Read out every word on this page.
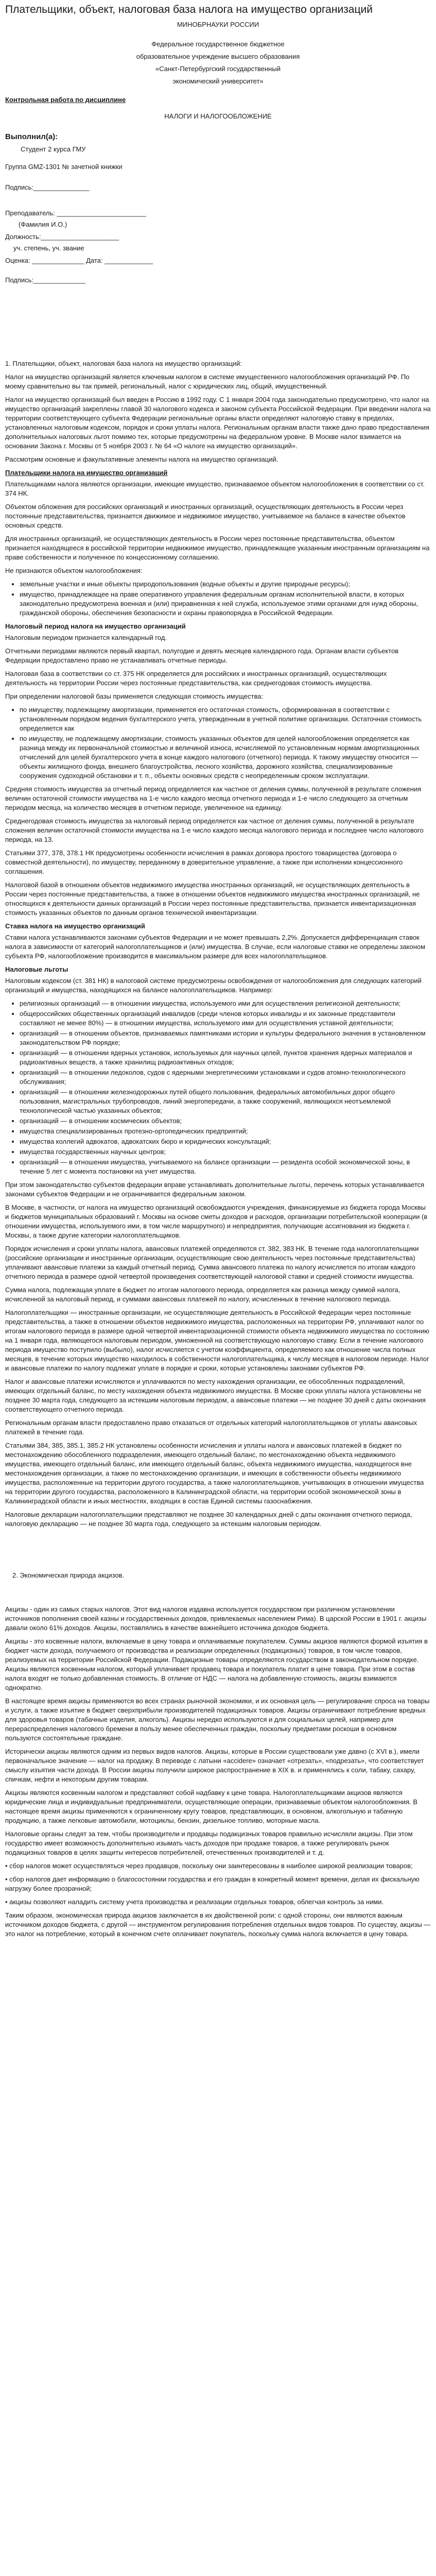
Плательщики, объект, налоговая база налога на имущество организаций

МИНОБРНАУКИ РОССИИ

Федеральное государственное бюджетное

образовательное учреждение высшего образования

«Санкт-Петербургский государственный

экономический университет»

Контрольная работа по дисциплине

НАЛОГИ И НАЛОГООБЛОЖЕНИЕ

Выполнил(а):

Студент 2 курса ГМУ

Группа GMZ-1301 № зачетной книжки

Подпись:_______________

Преподаватель: ________________________

(Фамилия И.О.)

Должность:_____________________

уч. степень, уч. звание

Оценка: ______________ Дата: _____________

Подпись:______________

1. Плательщики, объект, налоговая база налога на имущество организаций:

Налог на имущество организаций является ключевым налогом в системе имущественного налогообложения организаций РФ. По моему сравнительно вы так примей, региональный, налог с юридических лиц, общий, имущественный.

Налог на имущество организаций был введен в Россию в 1992 году. С 1 января 2004 года законодательно предусмотрено, что налог на имущество организаций закреплены главой 30 налогового кодекса и законом субъекта Российской Федерации. При введении налога на территории соответствующего субъекта Федерации региональные органы власти определяют налоговую ставку в пределах, установленных налоговым кодексом, порядок и сроки уплаты налога. Региональным органам власти также дано право предоставления дополнительных налоговых льгот помимо тех, которые предусмотрены на федеральном уровне. В Москве налог взимается на основании Закона г. Москвы от 5 ноября 2003 г. № 64 «О налоге на имущество организаций».

Рассмотрим основные и факультативные элементы налога на имущество организаций.

Плательщики налога на имущество организаций

Плательщиками налога являются организации, имеющие имущество, признаваемое объектом налогообложения в соответствии со ст. 374 НК.

Объектом обложения для российских организаций и иностранных организаций, осуществляющих деятельность в России через постоянные представительства, признается движимое и недвижимое имущество, учитываемое на балансе в качестве объектов основных средств.

Для иностранных организаций, не осуществляющих деятельность в России через постоянные представительства, объектом признается находящееся в российской территории недвижимое имущество, принадлежащее указанным иностранным организациям на праве собственности и полученное по концессионному соглашению.

Не признаются объектом налогообложения:

• земельные участки и иные объекты природопользования (водные объекты и другие природные ресурсы);
• имущество, принадлежащее на праве оперативного управления федеральным органам исполнительной власти, в которых законодательно предусмотрена военная и (или) приравненная к ней служба, используемое этими органами для нужд обороны, гражданской обороны, обеспечения безопасности и охраны правопорядка в Российской Федерации.

Налоговый период налога на имущество организаций

Налоговым периодом признается календарный год.

Отчетными периодами являются первый квартал, полугодие и девять месяцев календарного года. Органам власти субъектов Федерации предоставлено право не устанавливать отчетные периоды.

Налоговая база в соответствии со ст. 375 НК определяется для российских и иностранных организаций, осуществляющих деятельность на территории России через постоянные представительства, как среднегодовая стоимость имущества.

При определении налоговой базы применяется следующая стоимость имущества:

• по имуществу, подлежащему амортизации, применяется его остаточная стоимость, сформированная в соответствии с установленным порядком ведения бухгалтерского учета, утвержденным в учетной политике организации. Остаточная стоимость определяется как
• по имуществу, не подлежащему амортизации, стоимость указанных объектов для целей налогообложения определяется как разница между их первоначальной стоимостью и величиной износа, исчисляемой по установленным нормам амортизационных отчислений для целей бухгалтерского учета в конце каждого налогового (отчетного) периода. К такому имуществу относится — объекты жилищного фонда, внешнего благоустройства, лесного хозяйства, дорожного хозяйства, специализированные сооружения судоходной обстановки и т. п., объекты основных средств с неопределенным сроком эксплуатации.

Средняя стоимость имущества за отчетный период определяется как частное от деления суммы, полученной в результате сложения величин остаточной стоимости имущества на 1-е число каждого месяца отчетного периода и 1-е число следующего за отчетным периодом месяца, на количество месяцев в отчетном периоде, увеличенное на единицу.

Среднегодовая стоимость имущества за налоговый период определяется как частное от деления суммы, полученной в результате сложения величин остаточной стоимости имущества на 1-е число каждого месяца налогового периода и последнее число налогового периода, на 13.

Статьями 377, 378, 378.1 НК предусмотрены особенности исчисления в рамках договора простого товарищества (договора о совместной деятельности), по имуществу, переданному в доверительное управление, а также при исполнении концессионного соглашения.

Налоговой базой в отношении объектов недвижимого имущества иностранных организаций, не осуществляющих деятельность в России через постоянные представительства, а также в отношении объектов недвижимого имущества иностранных организаций, не относящихся к деятельности данных организаций в России через постоянные представительства, признается инвентаризационная стоимость указанных объектов по данным органов технической инвентаризации.

Ставка налога на имущество организаций

Ставки налога устанавливаются законами субъектов Федерации и не может превышать 2,2%. Допускается дифференциация ставок налога в зависимости от категорий налогоплательщиков и (или) имущества. В случае, если налоговые ставки не определены законом субъекта РФ, налогообложение производится в максимальном размере для всех налогоплательщиков.

Налоговые льготы

Налоговым кодексом (ст. 381 НК) в налоговой системе предусмотрены освобождения от налогообложения для следующих категорий организаций и имущества, находящихся на балансе налогоплательщиков. Например:

• религиозных организаций — в отношении имущества, используемого ими для осуществления религиозной деятельности;
• общероссийских общественных организаций инвалидов (среди членов которых инвалиды и их законные представители составляют не менее 80%) — в отношении имущества, используемого ими для осуществления уставной деятельности;
• организаций — в отношении объектов, признаваемых памятниками истории и культуры федерального значения в установленном законодательством РФ порядке;
• организаций — в отношении ядерных установок, используемых для научных целей, пунктов хранения ядерных материалов и радиоактивных веществ, а также хранилищ радиоактивных отходов;
• организаций — в отношении ледоколов, судов с ядерными энергетическими установками и судов атомно-технологического обслуживания;
• организаций — в отношении железнодорожных путей общего пользования, федеральных автомобильных дорог общего пользования, магистральных трубопроводов, линий энергопередачи, а также сооружений, являющихся неотъемлемой технологической частью указанных объектов;
• организаций — в отношении космических объектов;
• имущества специализированных протезно-ортопедических предприятий;
• имущества коллегий адвокатов, адвокатских бюро и юридических консультаций;
• имущества государственных научных центров;
• организаций — в отношении имущества, учитываемого на балансе организации — резидента особой экономической зоны, в течение 5 лет с момента постановки на учет имущества.

При этом законодательство субъектов федерации вправе устанавливать дополнительные льготы, перечень которых устанавливается законами субъектов Федерации и не ограничивается федеральным законом.

В Москве, в частности, от налога на имущество организаций освобождаются учреждения, финансируемые из бюджета города Москвы и бюджетов муниципальных образований г. Москвы на основе сметы доходов и расходов, организации потребительской кооперации (в отношении имущества, используемого ими, в том числе маршрутного) и непредприятия, получающие ассигнования из бюджета г. Москвы, а также другие категории налогоплательщиков.

Порядок исчисления и сроки уплаты налога, авансовых платежей определяются ст. 382, 383 НК. В течение года налогоплательщики (российские организации и иностранные организации, осуществляющие свою деятельность через постоянные представительства) уплачивают авансовые платежи за каждый отчетный период. Сумма авансового платежа по налогу исчисляется по итогам каждого отчетного периода в размере одной четвертой произведения соответствующей налоговой ставки и средней стоимости имущества.

Сумма налога, подлежащая уплате в бюджет по итогам налогового периода, определяется как разница между суммой налога, исчисленной за налоговый период, и суммами авансовых платежей по налогу, исчисленных в течение налогового периода.

Налогоплательщики — иностранные организации, не осуществляющие деятельность в Российской Федерации через постоянные представительства, а также в отношении объектов недвижимого имущества, расположенных на территории РФ, уплачивают налог по итогам налогового периода в размере одной четвертой инвентаризационной стоимости объекта недвижимого имущества по состоянию на 1 января года, являющегося налоговым периодом, умноженной на соответствующую налоговую ставку. Если в течение налогового периода имущество поступило (выбыло), налог исчисляется с учетом коэффициента, определяемого как отношение числа полных месяцев, в течение которых имущество находилось в собственности налогоплательщика, к числу месяцев в налоговом периоде. Налог и авансовые платежи по налогу подлежат уплате в порядке и сроки, которые установлены законами субъектов РФ.

Налог и авансовые платежи исчисляются и уплачиваются по месту нахождения организации, ее обособленных подразделений, имеющих отдельный баланс, по месту нахождения объекта недвижимого имущества. В Москве сроки уплаты налога установлены не позднее 30 марта года, следующего за истекшим налоговым периодом, а авансовые платежи — не позднее 30 дней с даты окончания соответствующего отчетного периода.

Региональным органам власти предоставлено право отказаться от отдельных категорий налогоплательщиков от уплаты авансовых платежей в течение года.

Статьями 384, 385, 385.1, 385.2 НК установлены особенности исчисления и уплаты налога и авансовых платежей в бюджет по местонахождению обособленного подразделения, имеющего отдельный баланс, по местонахождению объекта недвижимого имущества, имеющего отдельный баланс, или имеющего отдельный баланс, объекта недвижимого имущества, находящегося вне местонахождения организации, а также по местонахождению организации, и имеющих в собственности объекты недвижимого имущества, расположенные на территории другого государства, а также налогоплательщиков, учитывающих в отношении имущества на территории другого государства, расположенного в Калининградской области, на территории особой экономической зоны в Калининградской области и иных местностях, входящих в состав Единой системы газоснабжения.

Налоговые декларации налогоплательщики представляют не позднее 30 календарных дней с даты окончания отчетного периода, налоговую декларацию — не позднее 30 марта года, следующего за истекшим налоговым периодом.

2. Экономическая природа акцизов.

Акцизы - один из самых старых налогов. Этот вид налогов издавна используется государством при различном установлении источников пополнения своей казны и государственных доходов, привлекаемых населением Рима). В царской России в 1901 г. акцизы давали около 61% доходов. Акцизы, поставлялись в качестве важнейшего источника доходов бюджета.

Акцизы - это косвенные налоги, включаемые в цену товара и оплачиваемые покупателем. Суммы акцизов являются формой изъятия в бюджет части дохода, получаемого от производства и реализации определенных (подакцизных) товаров, в том числе товаров, реализуемых на территории Российской Федерации. Подакцизные товары определяются государством в законодательном порядке. Акцизы являются косвенным налогом, который уплачивает продавец товара и покупатель платит в цене товара. При этом в состав налога входят не только добавленная стоимость. В отличие от НДС — налога на добавленную стоимость, акцизы взимаются однократно.

В настоящее время акцизы применяются во всех странах рыночной экономики, и их основная цель — регулирование спроса на товары и услуги, а также изъятие в бюджет сверхприбыли производителей подакцизных товаров. Акцизы ограничивают потребление вредных для здоровья товаров (табачные изделия, алкоголь). Акцизы нередко используются и для социальных целей, например для перераспределения налогового бремени в пользу менее обеспеченных граждан, поскольку предметами роскоши в основном пользуются состоятельные граждане.

Исторически акцизы являются одним из первых видов налогов. Акцизы, которые в России существовали уже давно (с XVI в.), имели первоначальное значение — налог на продажу. В переводе с латыни «accidere» означает «отрезать», «подрезать», что соответствует смыслу изъятия части дохода. В России акцизы получили широкое распространение в XIX в. и применялись к соли, табаку, сахару, спичкам, нефти и некоторым другим товарам.

Акцизы являются косвенным налогом и представляют собой надбавку к цене товара. Налогоплательщиками акцизов являются юридические лица и индивидуальные предприниматели, осуществляющие операции, признаваемые объектом налогообложения. В настоящее время акцизы применяются к ограниченному кругу товаров, представляющих, в основном, алкогольную и табачную продукцию, а также легковые автомобили, мотоциклы, бензин, дизельное топливо, моторные масла.

Налоговые органы следят за тем, чтобы производители и продавцы подакцизных товаров правильно исчисляли акцизы. При этом государство имеет возможность дополнительно изымать часть доходов при продаже товаров, а также регулировать рынок подакцизных товаров в целях защиты интересов потребителей, отечественных производителей и т. д.

• сбор налогов может осуществляться через продавцов, поскольку они заинтересованы в наиболее широкой реализации товаров;

• сбор налогов дает информацию о благосостоянии государства и его граждан в конкретный момент времени, делая их фискальную нагрузку более прозрачной;

• акцизы позволяют наладить систему учета производства и реализации отдельных товаров, облегчая контроль за ними.

Таким образом, экономическая природа акцизов заключается в их двойственной роли: с одной стороны, они являются важным источником доходов бюджета, с другой — инструментом регулирования потребления отдельных видов товаров. По существу, акцизы — это налог на потребление, который в конечном счете оплачивает покупатель, поскольку сумма налога включается в цену товара.
